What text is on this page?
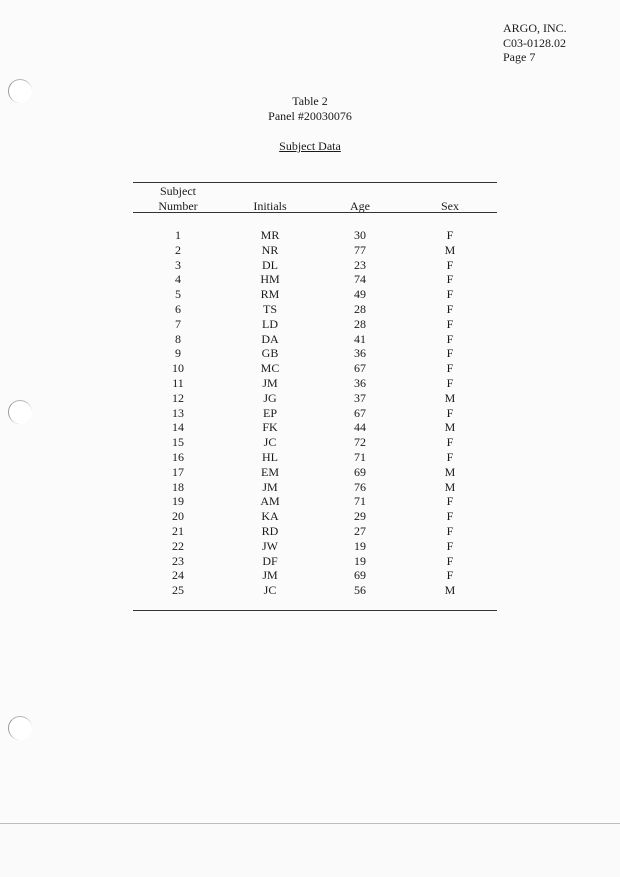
ARGO, INC.
C03-0128.02
Page 7
Table 2
Panel #20030076
Subject Data
Subject
Number	Initials	Age	Sex
1	MR	30	F
2	NR	77	M
3	DL	23	F
4	HM	74	F
5	RM	49	F
6	TS	28	F
7	LD	28	F
8	DA	41	F
9	GB	36	F
10	MC	67	F
11	JM	36	F
12	JG	37	M
13	EP	67	F
14	FK	44	M
15	JC	72	F
16	HL	71	F
17	EM	69	M
18	JM	76	M
19	AM	71	F
20	KA	29	F
21	RD	27	F
22	JW	19	F
23	DF	19	F
24	JM	69	F
25	JC	56	M
